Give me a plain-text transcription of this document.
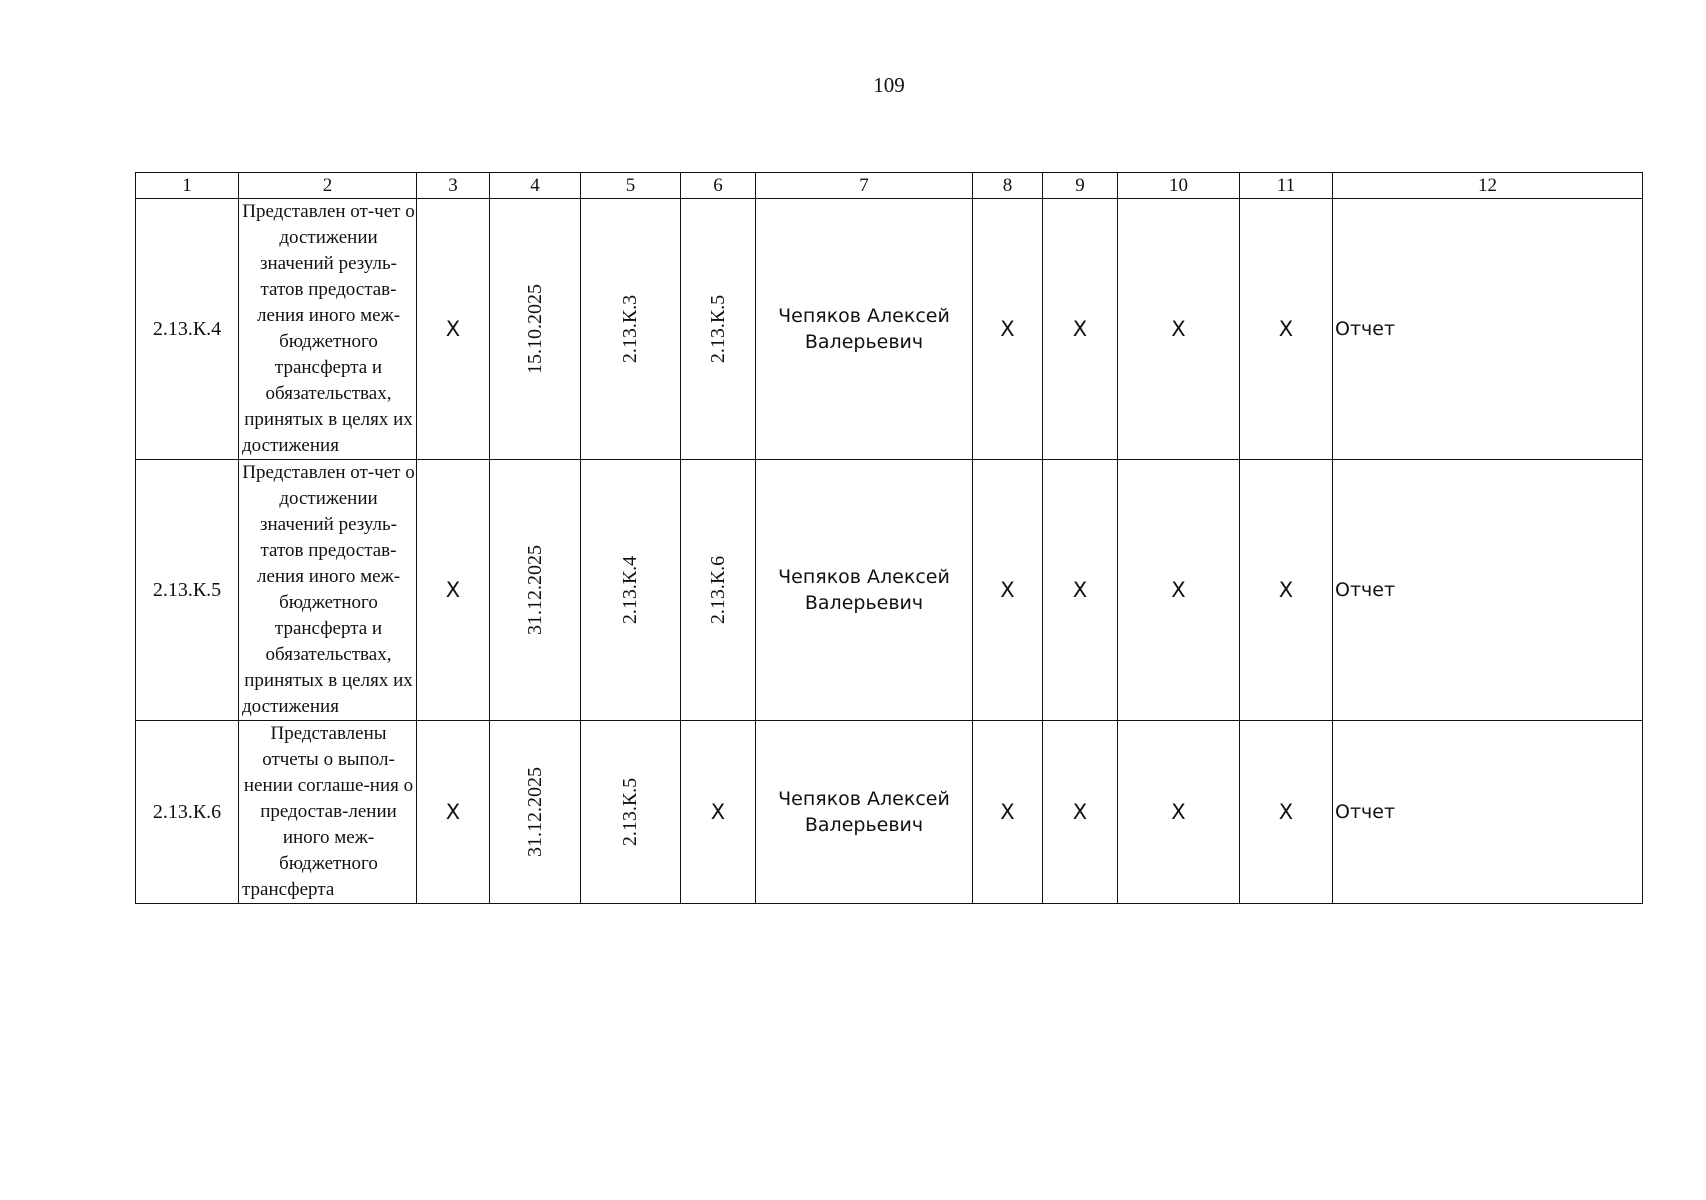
109
1	2	3	4	5	6	7	8	9	10	11	12
2.13.К.4	Представлен от-чет о достижении значений резуль-татов предостав-ления иного меж-бюджетного трансферта и обязательствах, принятых в целях их достижения	X	15.10.2025	2.13.К.3	2.13.К.5	Чепяков Алексей Валерьевич	X	X	X	X	Отчет
2.13.К.5	Представлен от-чет о достижении значений резуль-татов предостав-ления иного меж-бюджетного трансферта и обязательствах, принятых в целях их достижения	X	31.12.2025	2.13.К.4	2.13.К.6	Чепяков Алексей Валерьевич	X	X	X	X	Отчет
2.13.К.6	Представлены отчеты о выпол-нении соглаше-ния о предостав-лении иного меж-бюджетного трансферта	X	31.12.2025	2.13.К.5	X	Чепяков Алексей Валерьевич	X	X	X	X	Отчет
